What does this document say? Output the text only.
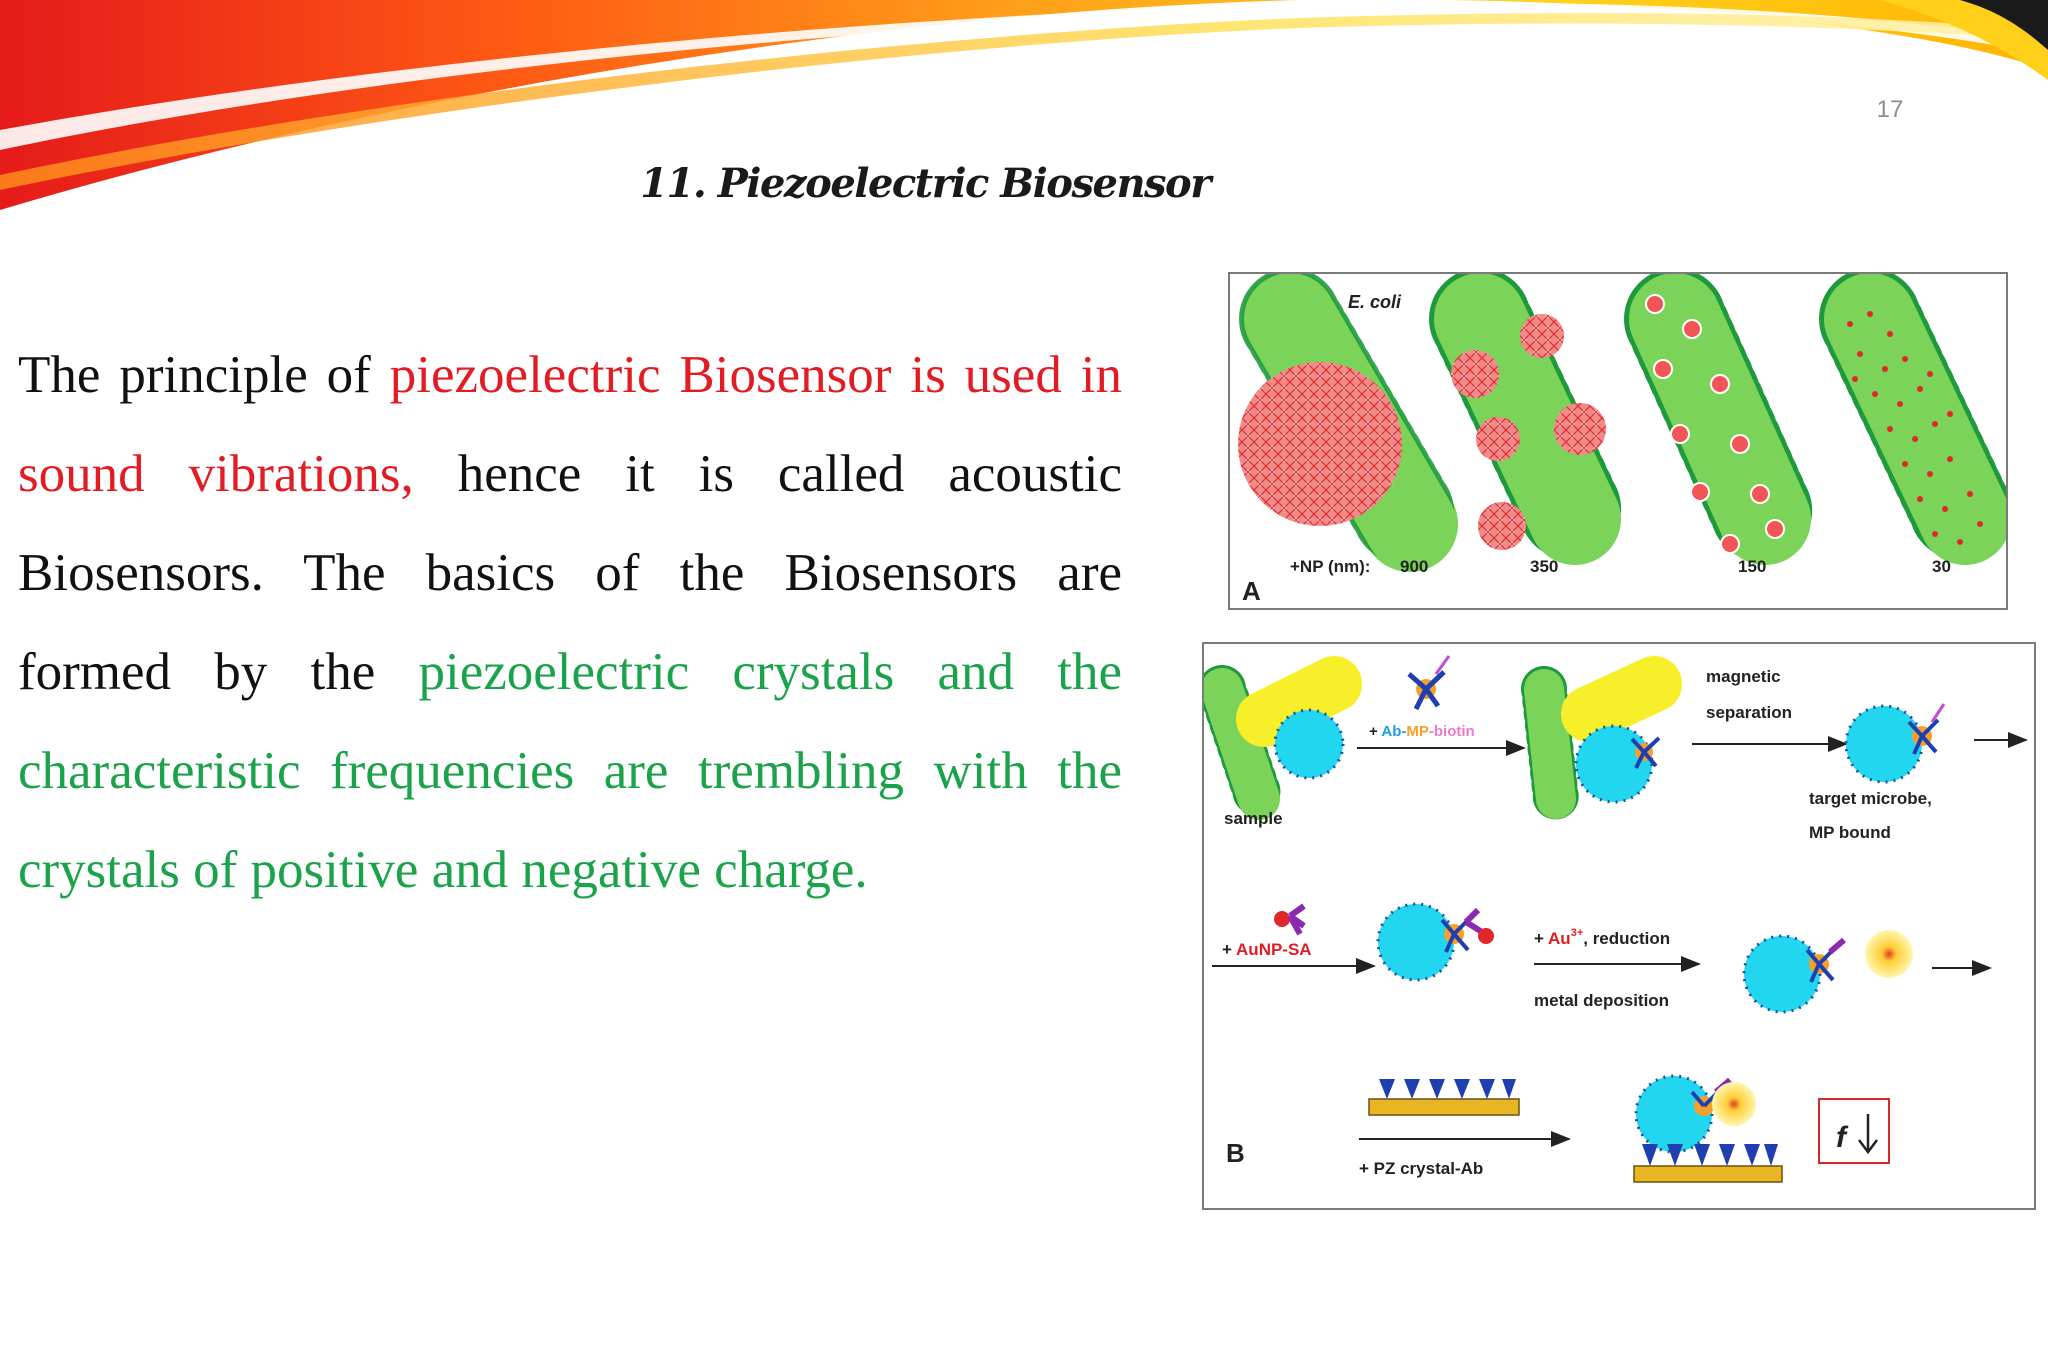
17
11. Piezoelectric Biosensor
The principle of piezoelectric Biosensor is used in sound vibrations, hence it is called acoustic Biosensors. The basics of the Biosensors are formed by the piezoelectric crystals and the characteristic frequencies are trembling with the crystals of positive and negative charge.
E. coli
+NP (nm): 900	350	150	30
A
sample
+ Ab-MP-biotin
magnetic
separation
target microbe,
MP bound
+ AuNP-SA
+ $Au^{3+}$, reduction
metal deposition
+ PZ crystal-Ab
f
B
